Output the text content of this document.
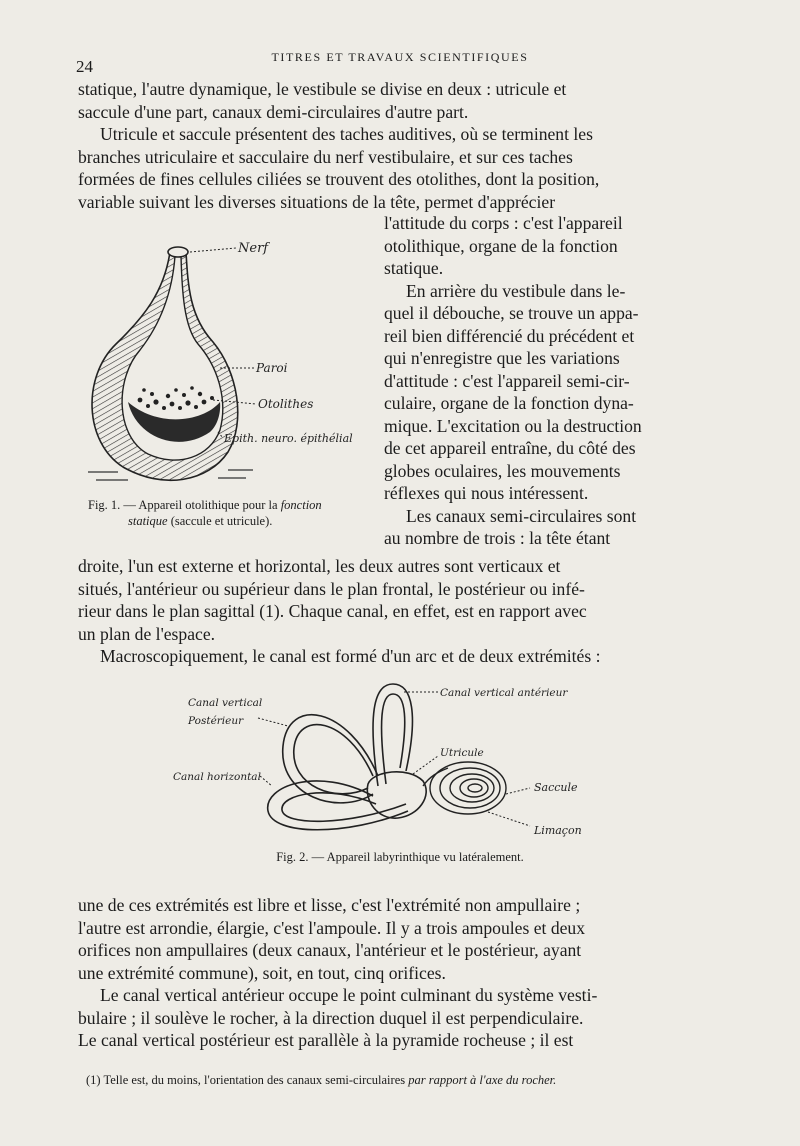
24	TITRES ET TRAVAUX SCIENTIFIQUES
statique, l'autre dynamique, le vestibule se divise en deux : utricule et
saccule d'une part, canaux demi-circulaires d'autre part.
Utricule et saccule présentent des taches auditives, où se terminent les
branches utriculaire et sacculaire du nerf vestibulaire, et sur ces taches
formées de fines cellules ciliées se trouvent des otolithes, dont la position,
variable suivant les diverses situations de la tête, permet d'apprécier
l'attitude du corps : c'est l'appareil
otolithique, organe de la fonction
statique.
En arrière du vestibule dans le-
quel il débouche, se trouve un appa-
reil bien différencié du précédent et
qui n'enregistre que les variations
d'attitude : c'est l'appareil semi-cir-
culaire, organe de la fonction dyna-
mique. L'excitation ou la destruction
de cet appareil entraîne, du côté des
globes oculaires, les mouvements
réflexes qui nous intéressent.
Les canaux semi-circulaires sont
au nombre de trois : la tête étant
Nerf
Paroi
Otolithes
Epith. neuro. épithélial
Fig. 1. — Appareil otolithique pour la fonction
statique (saccule et utricule).
droite, l'un est externe et horizontal, les deux autres sont verticaux et
situés, l'antérieur ou supérieur dans le plan frontal, le postérieur ou infé-
rieur dans le plan sagittal (1). Chaque canal, en effet, est en rapport avec
un plan de l'espace.
Macroscopiquement, le canal est formé d'un arc et de deux extrémités :
Canal vertical
Postérieur
Canal horizontal
Canal vertical antérieur
Utricule
Saccule
Limaçon
Fig. 2. — Appareil labyrinthique vu latéralement.
une de ces extrémités est libre et lisse, c'est l'extrémité non ampullaire ;
l'autre est arrondie, élargie, c'est l'ampoule. Il y a trois ampoules et deux
orifices non ampullaires (deux canaux, l'antérieur et le postérieur, ayant
une extrémité commune), soit, en tout, cinq orifices.
Le canal vertical antérieur occupe le point culminant du système vesti-
bulaire ; il soulève le rocher, à la direction duquel il est perpendiculaire.
Le canal vertical postérieur est parallèle à la pyramide rocheuse ; il est
(1) Telle est, du moins, l'orientation des canaux semi-circulaires par rapport à l'axe du rocher.
